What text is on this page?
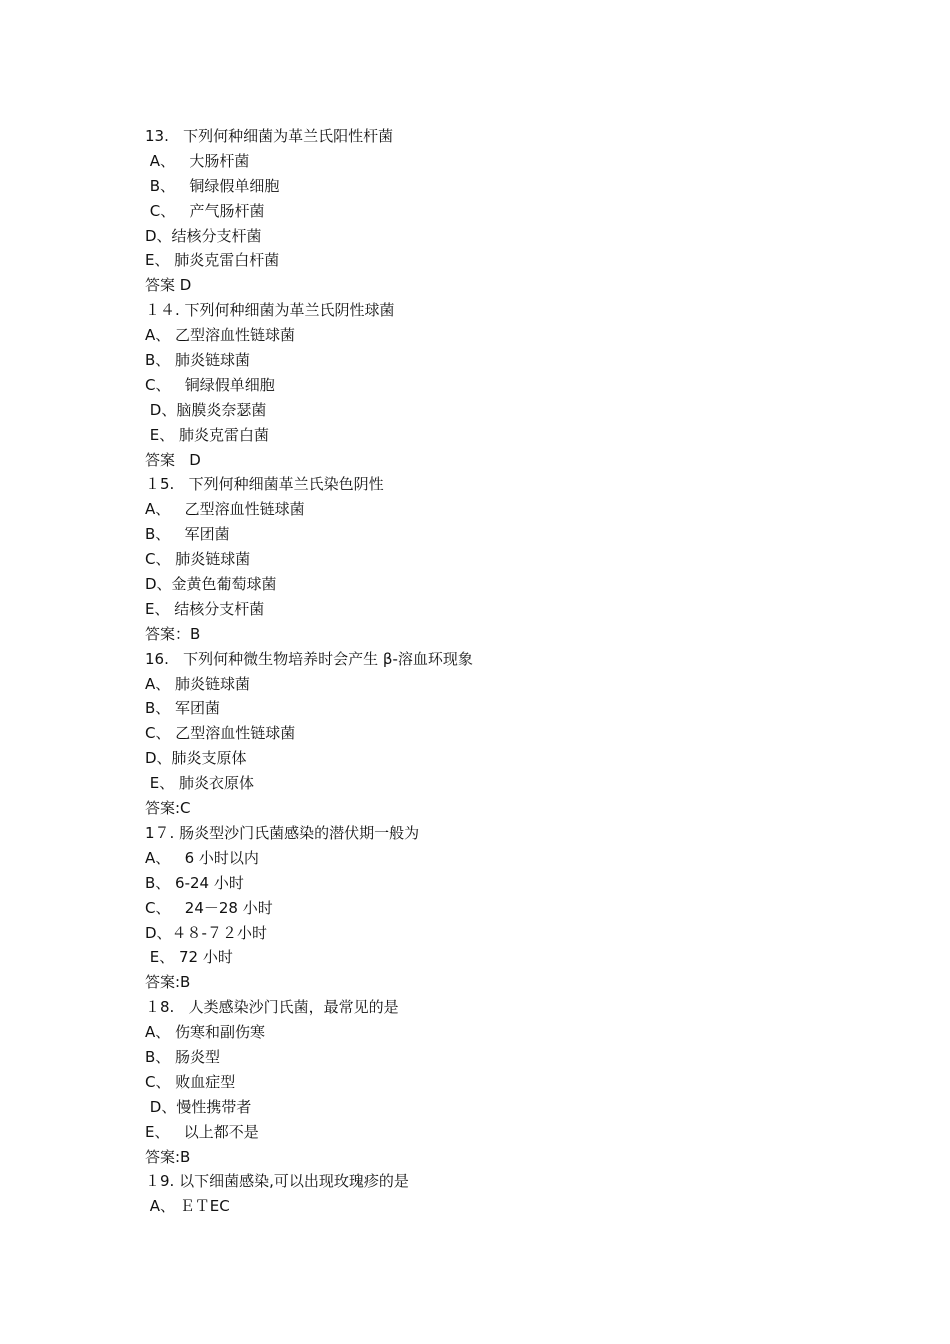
13.   下列何种细菌为革兰氏阳性杆菌
A、   大肠杆菌
B、   铜绿假单细胞
C、   产气肠杆菌
D、结核分支杆菌
E、 肺炎克雷白杆菌
答案 D
１４. 下列何种细菌为革兰氏阴性球菌
A、 乙型溶血性链球菌
B、 肺炎链球菌
C、   铜绿假单细胞
D、脑膜炎奈瑟菌
E、 肺炎克雷白菌
答案   D
１5.   下列何种细菌革兰氏染色阴性
A、   乙型溶血性链球菌
B、   军团菌
C、 肺炎链球菌
D、金黄色葡萄球菌
E、 结核分支杆菌
答案：B
16.   下列何种微生物培养时会产生 β-溶血环现象
A、 肺炎链球菌
B、 军团菌
C、 乙型溶血性链球菌
D、肺炎支原体
E、 肺炎衣原体
答案:C
1７. 肠炎型沙门氏菌感染的潜伏期一般为
A、   6 小时以内
B、 6-24 小时
C、   24－28 小时
D、４８-７２小时
E、 72 小时
答案:B
１8.   人类感染沙门氏菌，最常见的是
A、 伤寒和副伤寒
B、 肠炎型
C、 败血症型
D、慢性携带者
E、   以上都不是
答案:B
１9. 以下细菌感染,可以出现玫瑰疹的是
A、 ＥＴEC
